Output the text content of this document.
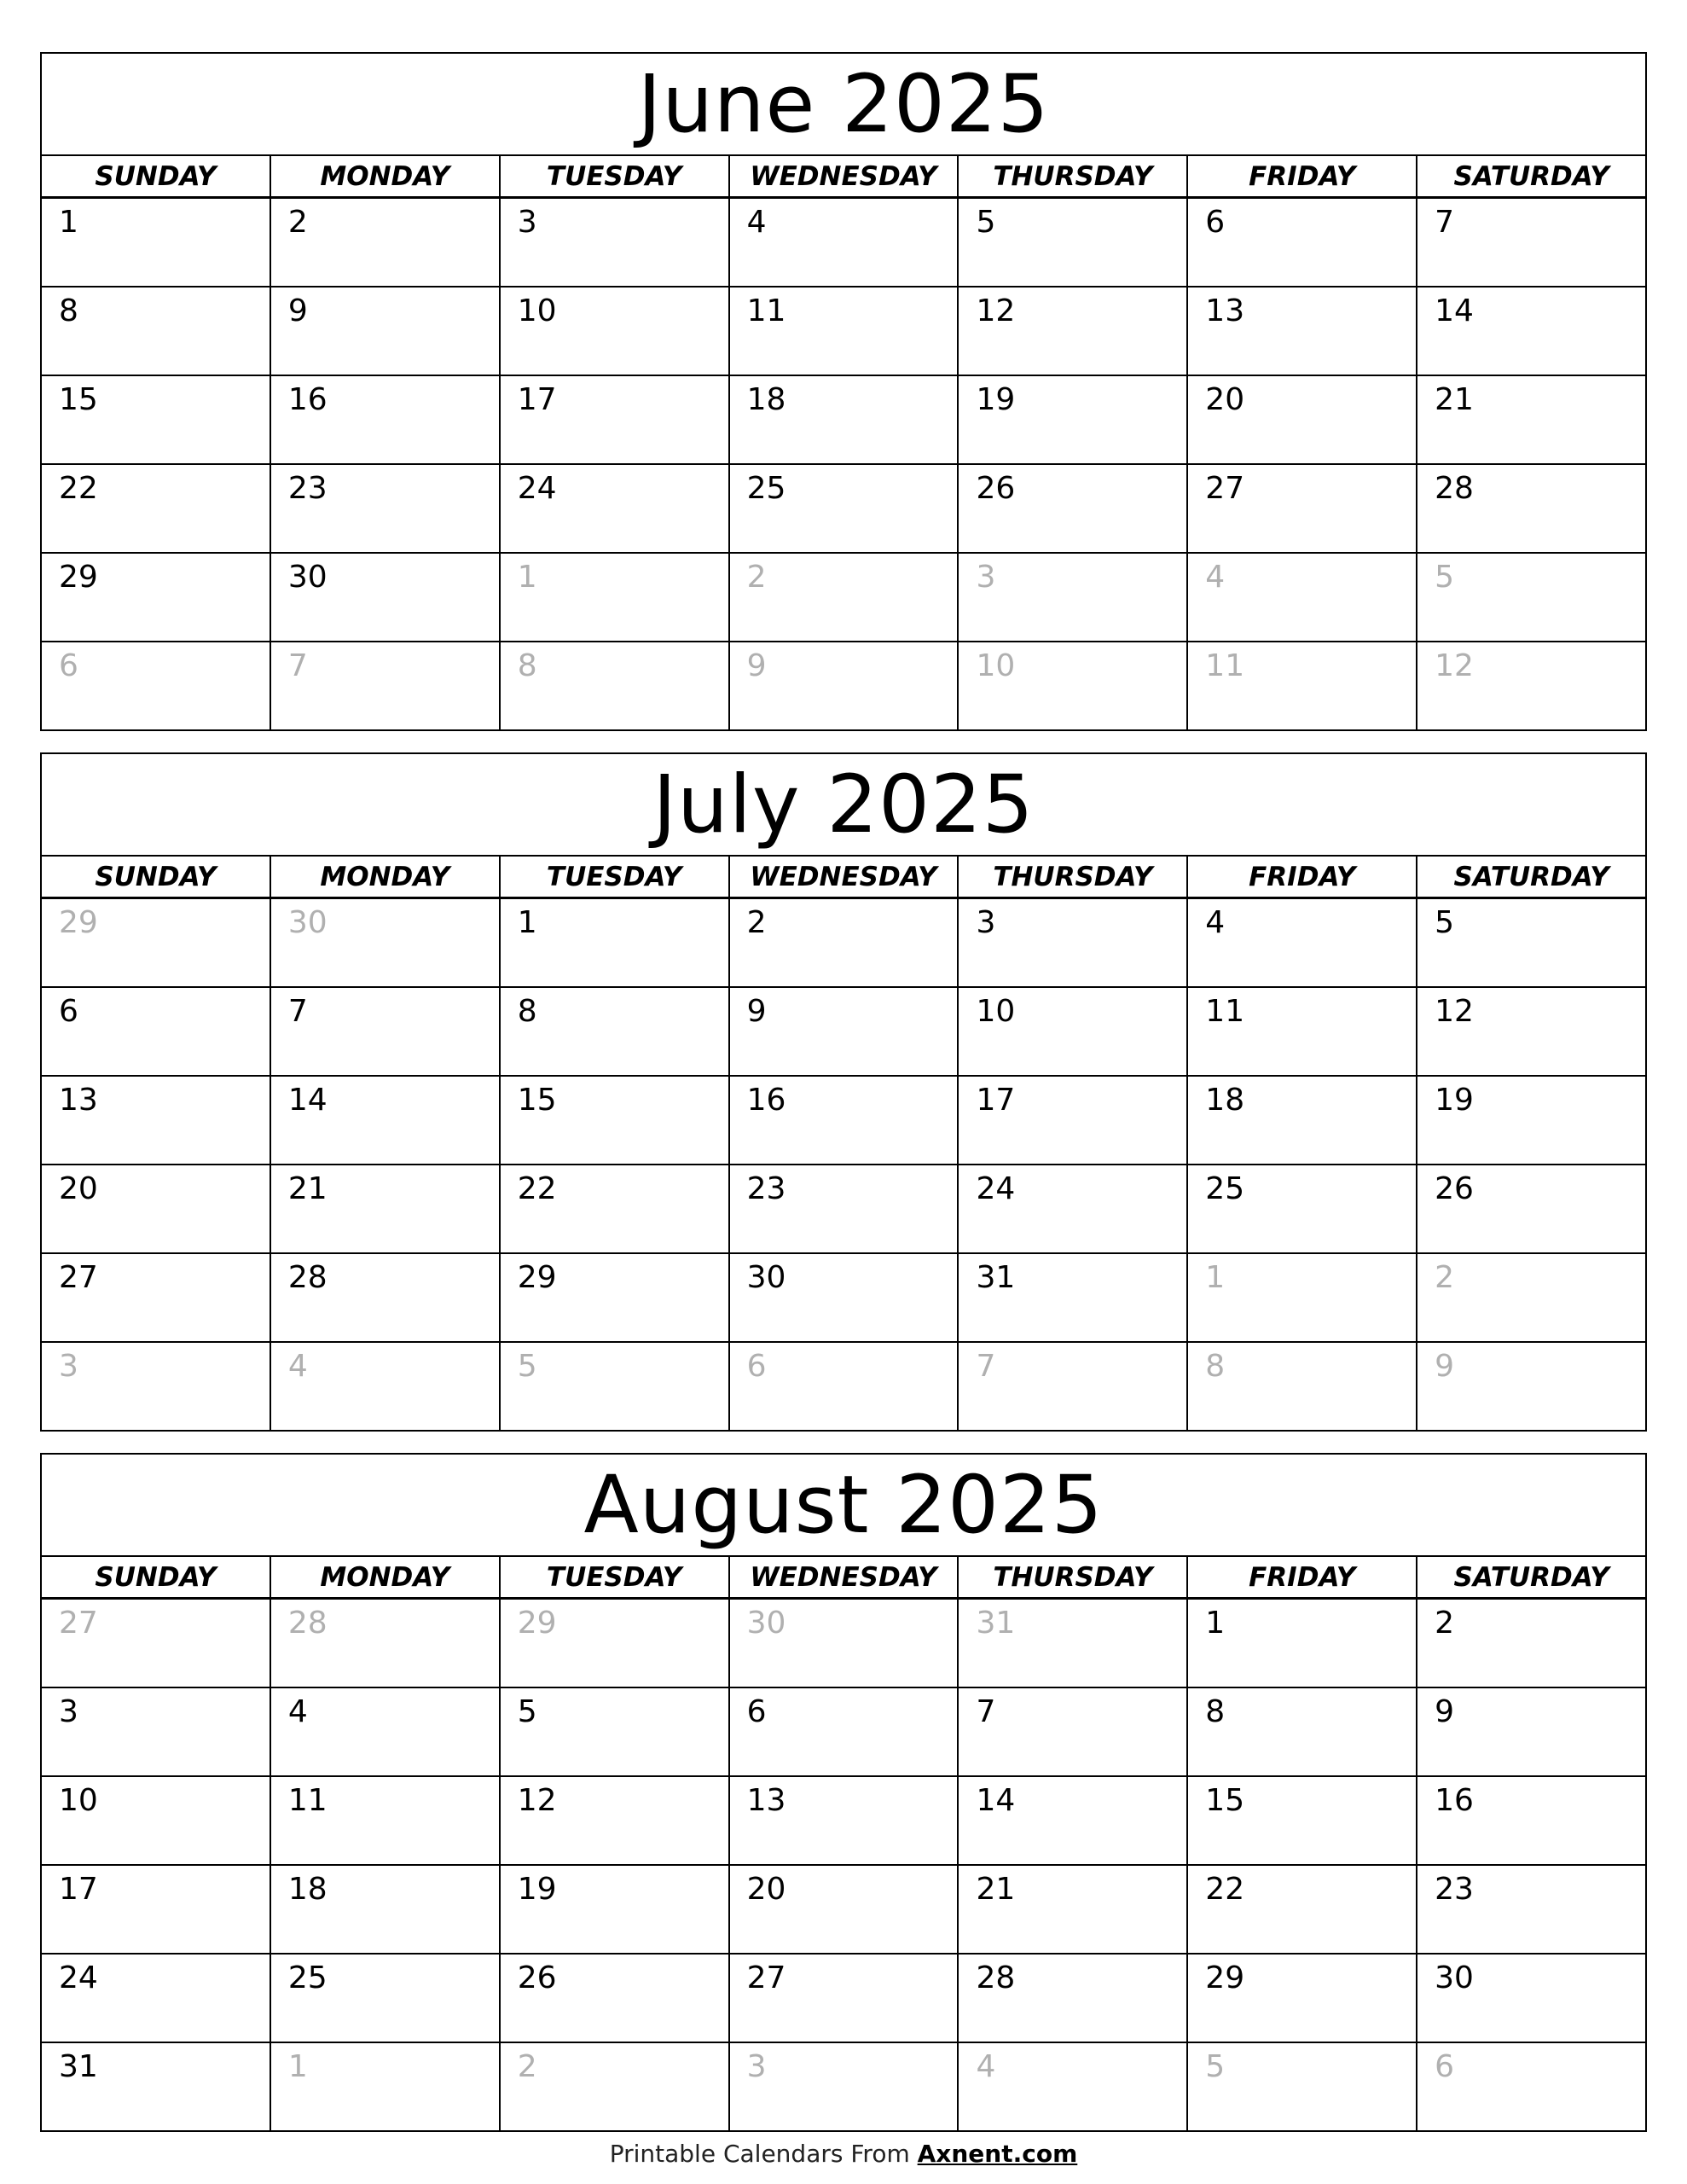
June 2025
SUNDAY	MONDAY	TUESDAY	WEDNESDAY	THURSDAY	FRIDAY	SATURDAY
1	2	3	4	5	6	7
8	9	10	11	12	13	14
15	16	17	18	19	20	21
22	23	24	25	26	27	28
29	30	1	2	3	4	5
6	7	8	9	10	11	12
July 2025
SUNDAY	MONDAY	TUESDAY	WEDNESDAY	THURSDAY	FRIDAY	SATURDAY
29	30	1	2	3	4	5
6	7	8	9	10	11	12
13	14	15	16	17	18	19
20	21	22	23	24	25	26
27	28	29	30	31	1	2
3	4	5	6	7	8	9
August 2025
SUNDAY	MONDAY	TUESDAY	WEDNESDAY	THURSDAY	FRIDAY	SATURDAY
27	28	29	30	31	1	2
3	4	5	6	7	8	9
10	11	12	13	14	15	16
17	18	19	20	21	22	23
24	25	26	27	28	29	30
31	1	2	3	4	5	6
Printable Calendars From Axnent.com
